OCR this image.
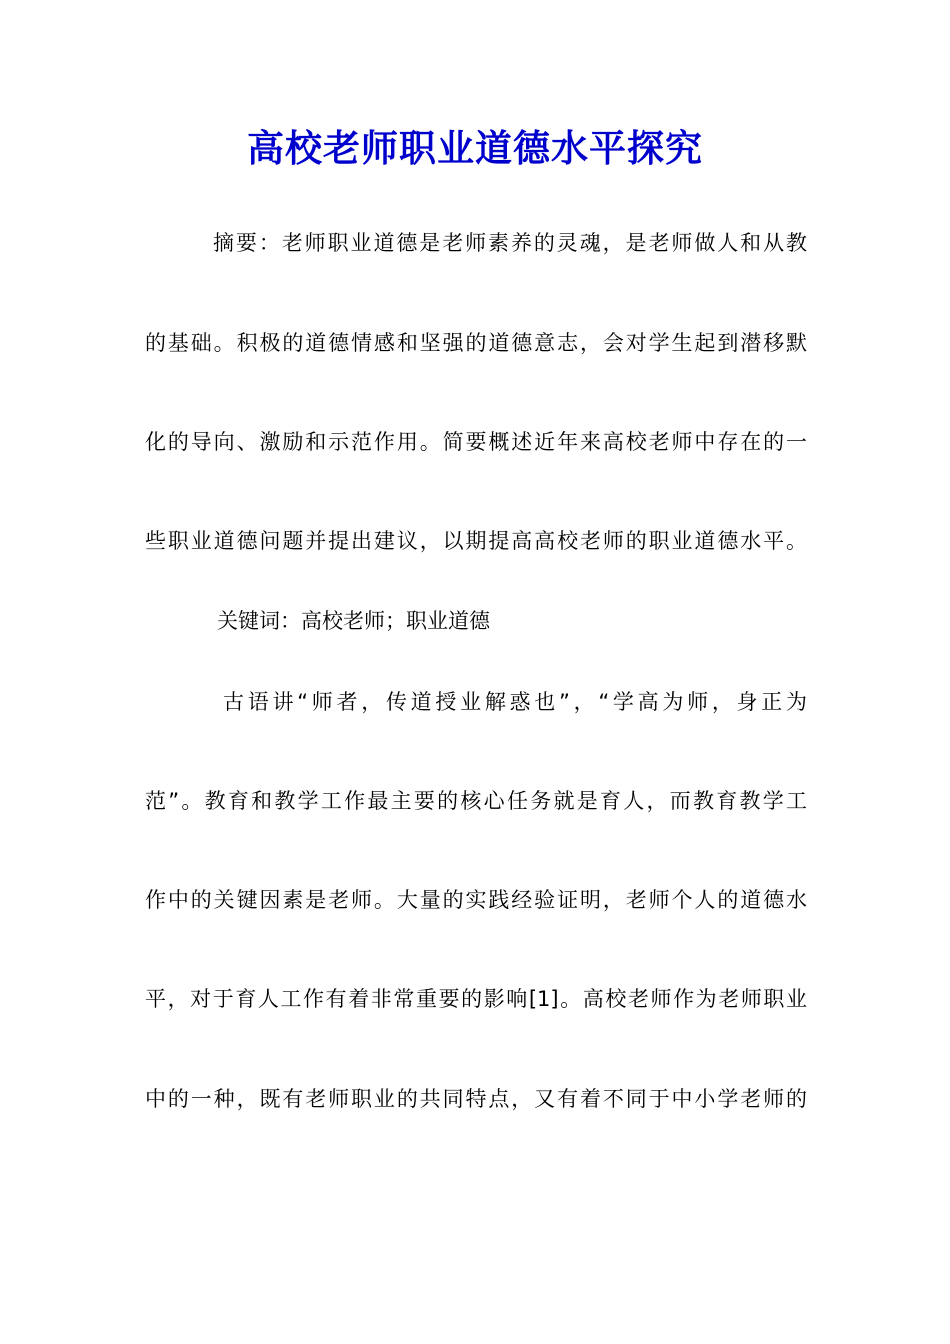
高校老师职业道德水平探究
摘要：老师职业道德是老师素养的灵魂，是老师做人和从教
的基础。积极的道德情感和坚强的道德意志，会对学生起到潜移默
化的导向、激励和示范作用。简要概述近年来高校老师中存在的一
些职业道德问题并提出建议，以期提高高校老师的职业道德水平。
关键词：高校老师；职业道德
古语讲“师者，传道授业解惑也”，“学高为师，身正为
范”。教育和教学工作最主要的核心任务就是育人，而教育教学工
作中的关键因素是老师。大量的实践经验证明，老师个人的道德水
平，对于育人工作有着非常重要的影响[1]。高校老师作为老师职业
中的一种，既有老师职业的共同特点，又有着不同于中小学老师的
